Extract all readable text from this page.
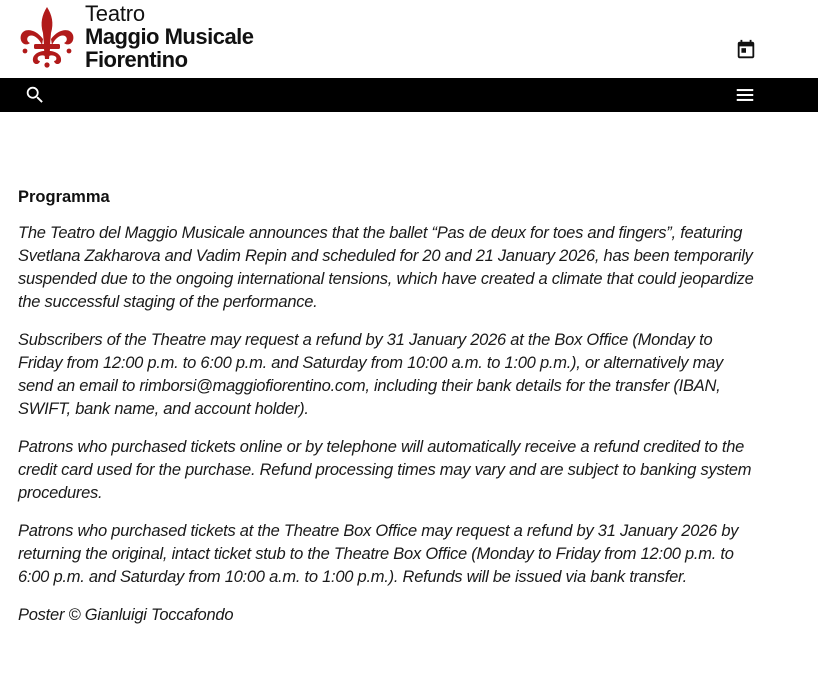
Teatro
Maggio Musicale
Fiorentino
Programma

The Teatro del Maggio Musicale announces that the ballet “Pas de deux for toes and fingers”, featuring Svetlana Zakharova and Vadim Repin and scheduled for 20 and 21 January 2026, has been temporarily suspended due to the ongoing international tensions, which have created a climate that could jeopardize the successful staging of the performance.

Subscribers of the Theatre may request a refund by 31 January 2026 at the Box Office (Monday to Friday from 12:00 p.m. to 6:00 p.m. and Saturday from 10:00 a.m. to 1:00 p.m.), or alternatively may send an email to rimborsi@maggiofiorentino.com, including their bank details for the transfer (IBAN, SWIFT, bank name, and account holder).

Patrons who purchased tickets online or by telephone will automatically receive a refund credited to the credit card used for the purchase. Refund processing times may vary and are subject to banking system procedures.

Patrons who purchased tickets at the Theatre Box Office may request a refund by 31 January 2026 by returning the original, intact ticket stub to the Theatre Box Office (Monday to Friday from 12:00 p.m. to 6:00 p.m. and Saturday from 10:00 a.m. to 1:00 p.m.). Refunds will be issued via bank transfer.

Poster © Gianluigi Toccafondo
